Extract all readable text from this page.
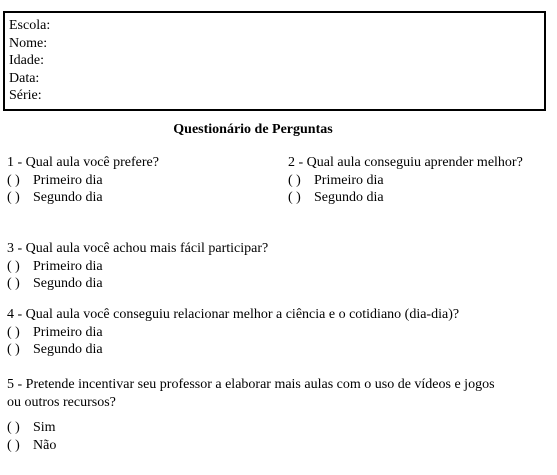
Escola:
Nome:
Idade:
Data:
Série:
Questionário de Perguntas
1 - Qual aula você prefere?
( ) Primeiro dia
( ) Segundo dia
2 - Qual aula conseguiu aprender melhor?
( ) Primeiro dia
( ) Segundo dia
3 - Qual aula você achou mais fácil participar?
( ) Primeiro dia
( ) Segundo dia
4 - Qual aula você conseguiu relacionar melhor a ciência e o cotidiano (dia-dia)?
( ) Primeiro dia
( ) Segundo dia
5 - Pretende incentivar seu professor a elaborar mais aulas com o uso de vídeos e jogos
ou outros recursos?
( ) Sim
( ) Não
